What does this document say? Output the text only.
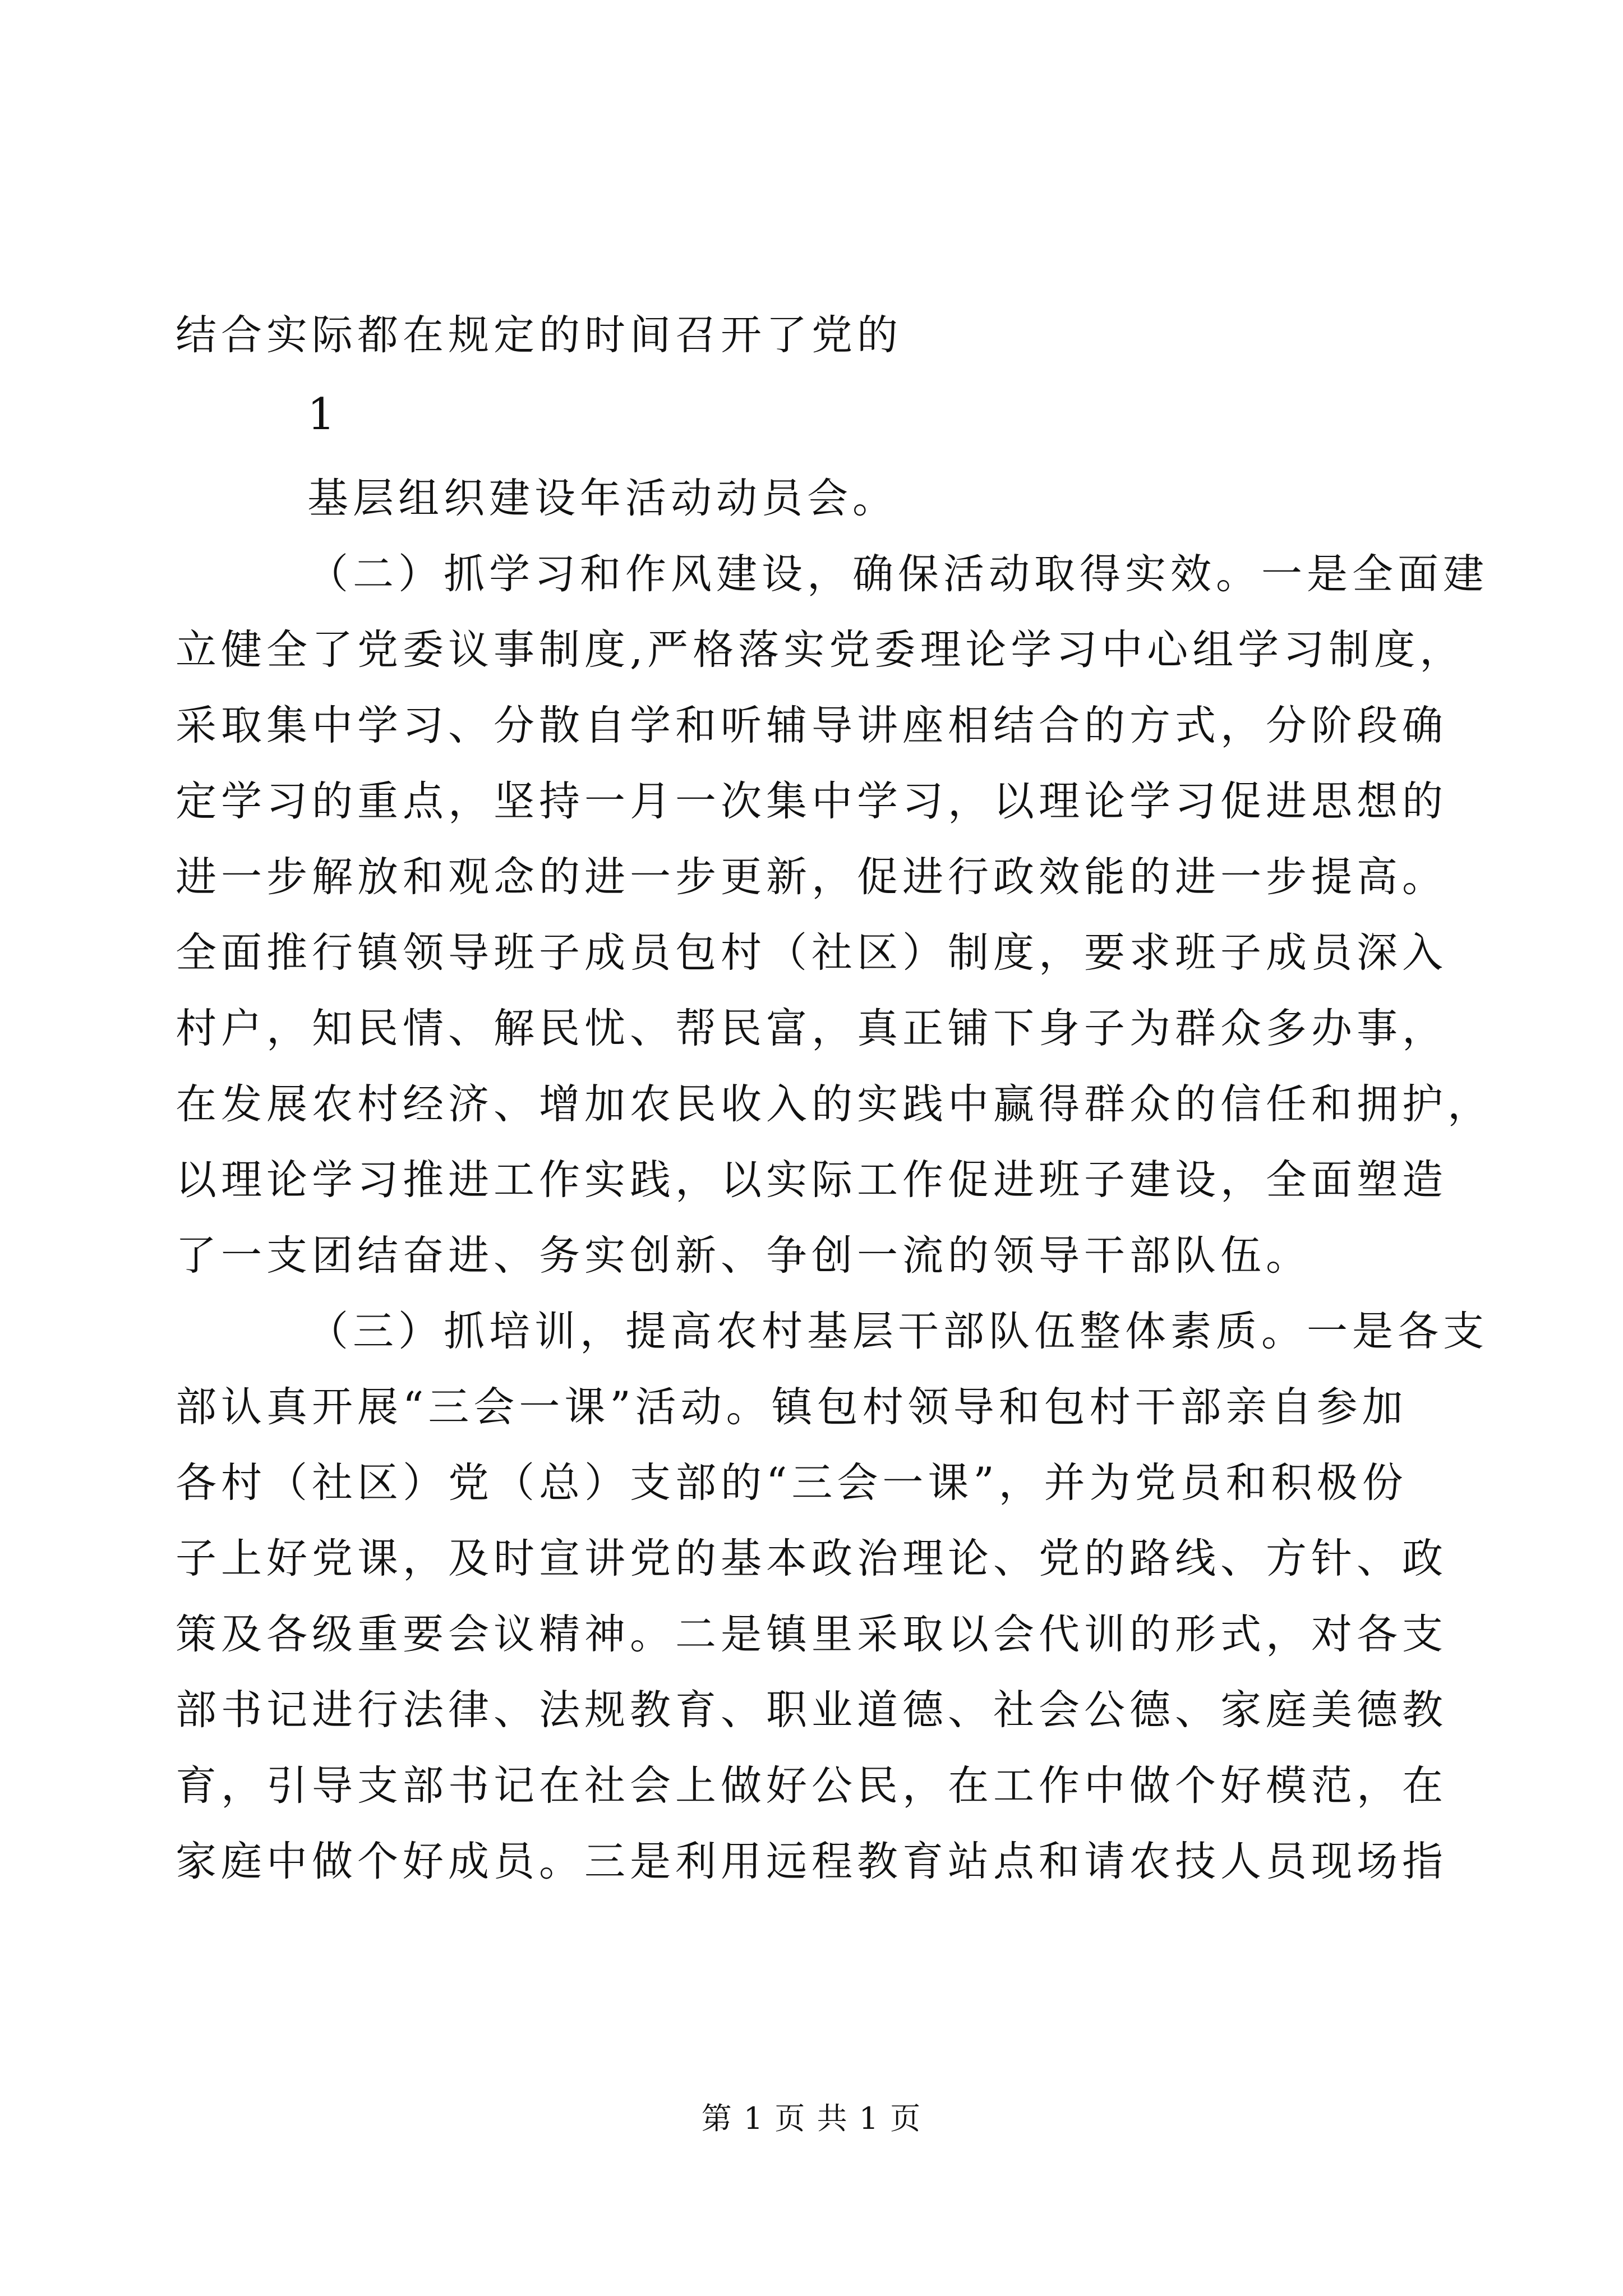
结合实际都在规定的时间召开了党的
1
基层组织建设年活动动员会。
（二）抓学习和作风建设，确保活动取得实效。一是全面建
立健全了党委议事制度,严格落实党委理论学习中心组学习制度，
采取集中学习、分散自学和听辅导讲座相结合的方式，分阶段确
定学习的重点，坚持一月一次集中学习，以理论学习促进思想的
进一步解放和观念的进一步更新，促进行政效能的进一步提高。
全面推行镇领导班子成员包村（社区）制度，要求班子成员深入
村户，知民情、解民忧、帮民富，真正铺下身子为群众多办事，
在发展农村经济、增加农民收入的实践中赢得群众的信任和拥护，
以理论学习推进工作实践，以实际工作促进班子建设，全面塑造
了一支团结奋进、务实创新、争创一流的领导干部队伍。
（三）抓培训，提高农村基层干部队伍整体素质。一是各支
部认真开展“三会一课”活动。镇包村领导和包村干部亲自参加
各村（社区）党（总）支部的“三会一课”，并为党员和积极份
子上好党课，及时宣讲党的基本政治理论、党的路线、方针、政
策及各级重要会议精神。二是镇里采取以会代训的形式，对各支
部书记进行法律、法规教育、职业道德、社会公德、家庭美德教
育，引导支部书记在社会上做好公民，在工作中做个好模范，在
家庭中做个好成员。三是利用远程教育站点和请农技人员现场指
第 1 页 共 1 页
